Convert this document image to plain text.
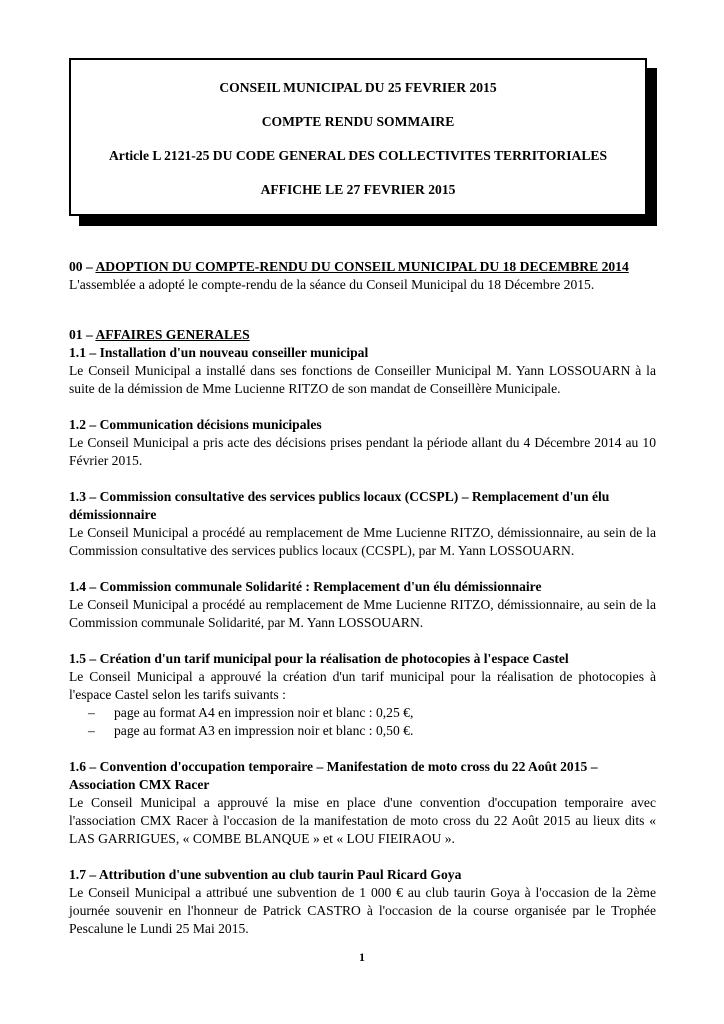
CONSEIL MUNICIPAL DU 25 FEVRIER 2015
COMPTE RENDU SOMMAIRE
Article L 2121-25 DU CODE GENERAL DES COLLECTIVITES TERRITORIALES
AFFICHE LE 27 FEVRIER 2015

00 – ADOPTION DU COMPTE-RENDU DU CONSEIL MUNICIPAL DU 18 DECEMBRE 2014

L'assemblée a adopté le compte-rendu de la séance du Conseil Municipal du 18 Décembre 2015.

01 – AFFAIRES GENERALES

1.1 – Installation d'un nouveau conseiller municipal

Le Conseil Municipal a installé dans ses fonctions de Conseiller Municipal M. Yann LOSSOUARN à la suite de la démission de Mme Lucienne RITZO de son mandat de Conseillère Municipale.

1.2 – Communication décisions municipales

Le Conseil Municipal a pris acte des décisions prises pendant la période allant du 4 Décembre 2014 au 10 Février 2015.

1.3 – Commission consultative des services publics locaux (CCSPL) – Remplacement d'un élu démissionnaire

Le Conseil Municipal a procédé au remplacement de Mme Lucienne RITZO, démissionnaire, au sein de la Commission consultative des services publics locaux (CCSPL), par M. Yann LOSSOUARN.

1.4 – Commission communale Solidarité : Remplacement d'un élu démissionnaire

Le Conseil Municipal a procédé au remplacement de Mme Lucienne RITZO, démissionnaire, au sein de la Commission communale Solidarité, par M. Yann LOSSOUARN.

1.5 – Création d'un tarif municipal pour la réalisation de photocopies à l'espace Castel

Le Conseil Municipal a approuvé la création d'un tarif municipal pour la réalisation de photocopies à l'espace Castel selon les tarifs suivants :

– page au format A4 en impression noir et blanc : 0,25 €,
– page au format A3 en impression noir et blanc : 0,50 €.

1.6 – Convention d'occupation temporaire – Manifestation de moto cross du 22 Août 2015 – Association CMX Racer

Le Conseil Municipal a approuvé la mise en place d'une convention d'occupation temporaire avec l'association CMX Racer à l'occasion de la manifestation de moto cross du 22 Août 2015 au lieux dits « LAS GARRIGUES, « COMBE BLANQUE » et « LOU FIEIRAOU ».

1.7 – Attribution d'une subvention au club taurin Paul Ricard Goya

Le Conseil Municipal a attribué une subvention de 1 000 € au club taurin Goya à l'occasion de la 2ème journée souvenir en l'honneur de Patrick CASTRO à l'occasion de la course organisée par le Trophée Pescalune le Lundi 25 Mai 2015.

1
